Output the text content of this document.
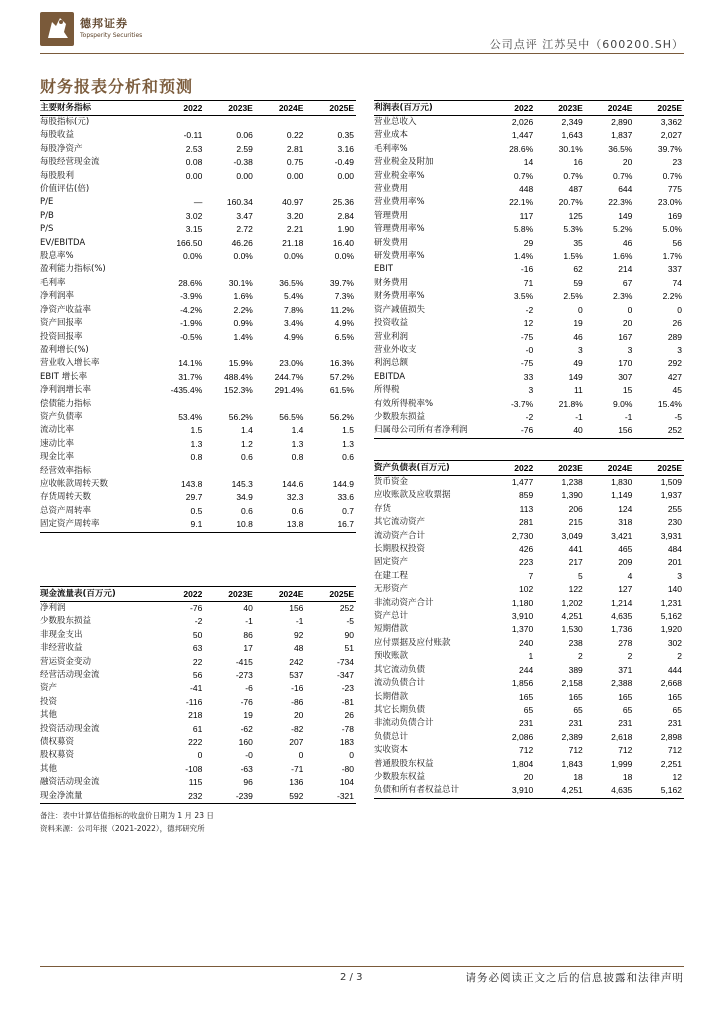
德邦证券
Topsperity Securities
公司点评 江苏吴中（600200.SH）
财务报表分析和预测
主要财务指标	2022	2023E	2024E	2025E
每股指标(元)				
每股收益	-0.11	0.06	0.22	0.35
每股净资产	2.53	2.59	2.81	3.16
每股经营现金流	0.08	-0.38	0.75	-0.49
每股股利	0.00	0.00	0.00	0.00
价值评估(倍)				
P/E	—	160.34	40.97	25.36
P/B	3.02	3.47	3.20	2.84
P/S	3.15	2.72	2.21	1.90
EV/EBITDA	166.50	46.26	21.18	16.40
股息率%	0.0%	0.0%	0.0%	0.0%
盈利能力指标(%)				
毛利率	28.6%	30.1%	36.5%	39.7%
净利润率	-3.9%	1.6%	5.4%	7.3%
净资产收益率	-4.2%	2.2%	7.8%	11.2%
资产回报率	-1.9%	0.9%	3.4%	4.9%
投资回报率	-0.5%	1.4%	4.9%	6.5%
盈利增长(%)				
营业收入增长率	14.1%	15.9%	23.0%	16.3%
EBIT 增长率	31.7%	488.4%	244.7%	57.2%
净利润增长率	-435.4%	152.3%	291.4%	61.5%
偿债能力指标				
资产负债率	53.4%	56.2%	56.5%	56.2%
流动比率	1.5	1.4	1.4	1.5
速动比率	1.3	1.2	1.3	1.3
现金比率	0.8	0.6	0.8	0.6
经营效率指标				
应收帐款周转天数	143.8	145.3	144.6	144.9
存货周转天数	29.7	34.9	32.3	33.6
总资产周转率	0.5	0.6	0.6	0.7
固定资产周转率	9.1	10.8	13.8	16.7
利润表(百万元)	2022	2023E	2024E	2025E
营业总收入	2,026	2,349	2,890	3,362
营业成本	1,447	1,643	1,837	2,027
毛利率%	28.6%	30.1%	36.5%	39.7%
营业税金及附加	14	16	20	23
营业税金率%	0.7%	0.7%	0.7%	0.7%
营业费用	448	487	644	775
营业费用率%	22.1%	20.7%	22.3%	23.0%
管理费用	117	125	149	169
管理费用率%	5.8%	5.3%	5.2%	5.0%
研发费用	29	35	46	56
研发费用率%	1.4%	1.5%	1.6%	1.7%
EBIT	-16	62	214	337
财务费用	71	59	67	74
财务费用率%	3.5%	2.5%	2.3%	2.2%
资产减值损失	-2	0	0	0
投资收益	12	19	20	26
营业利润	-75	46	167	289
营业外收支	-0	3	3	3
利润总额	-75	49	170	292
EBITDA	33	149	307	427
所得税	3	11	15	45
有效所得税率%	-3.7%	21.8%	9.0%	15.4%
少数股东损益	-2	-1	-1	-5
归属母公司所有者净利润	-76	40	156	252
资产负债表(百万元)	2022	2023E	2024E	2025E
货币资金	1,477	1,238	1,830	1,509
应收账款及应收票据	859	1,390	1,149	1,937
存货	113	206	124	255
其它流动资产	281	215	318	230
流动资产合计	2,730	3,049	3,421	3,931
长期股权投资	426	441	465	484
固定资产	223	217	209	201
在建工程	7	5	4	3
无形资产	102	122	127	140
非流动资产合计	1,180	1,202	1,214	1,231
资产总计	3,910	4,251	4,635	5,162
短期借款	1,370	1,530	1,736	1,920
应付票据及应付账款	240	238	278	302
预收账款	1	2	2	2
其它流动负债	244	389	371	444
流动负债合计	1,856	2,158	2,388	2,668
长期借款	165	165	165	165
其它长期负债	65	65	65	65
非流动负债合计	231	231	231	231
负债总计	2,086	2,389	2,618	2,898
实收资本	712	712	712	712
普通股股东权益	1,804	1,843	1,999	2,251
少数股东权益	20	18	18	12
负债和所有者权益总计	3,910	4,251	4,635	5,162
现金流量表(百万元)	2022	2023E	2024E	2025E
净利润	-76	40	156	252
少数股东损益	-2	-1	-1	-5
非现金支出	50	86	92	90
非经营收益	63	17	48	51
营运资金变动	22	-415	242	-734
经营活动现金流	56	-273	537	-347
资产	-41	-6	-16	-23
投资	-116	-76	-86	-81
其他	218	19	20	26
投资活动现金流	61	-62	-82	-78
债权募资	222	160	207	183
股权募资	0	-0	0	0
其他	-108	-63	-71	-80
融资活动现金流	115	96	136	104
现金净流量	232	-239	592	-321
备注：表中计算估值指标的收盘价日期为 1 月 23 日
资料来源：公司年报（2021-2022），德邦研究所
2 / 3	请务必阅读正文之后的信息披露和法律声明
